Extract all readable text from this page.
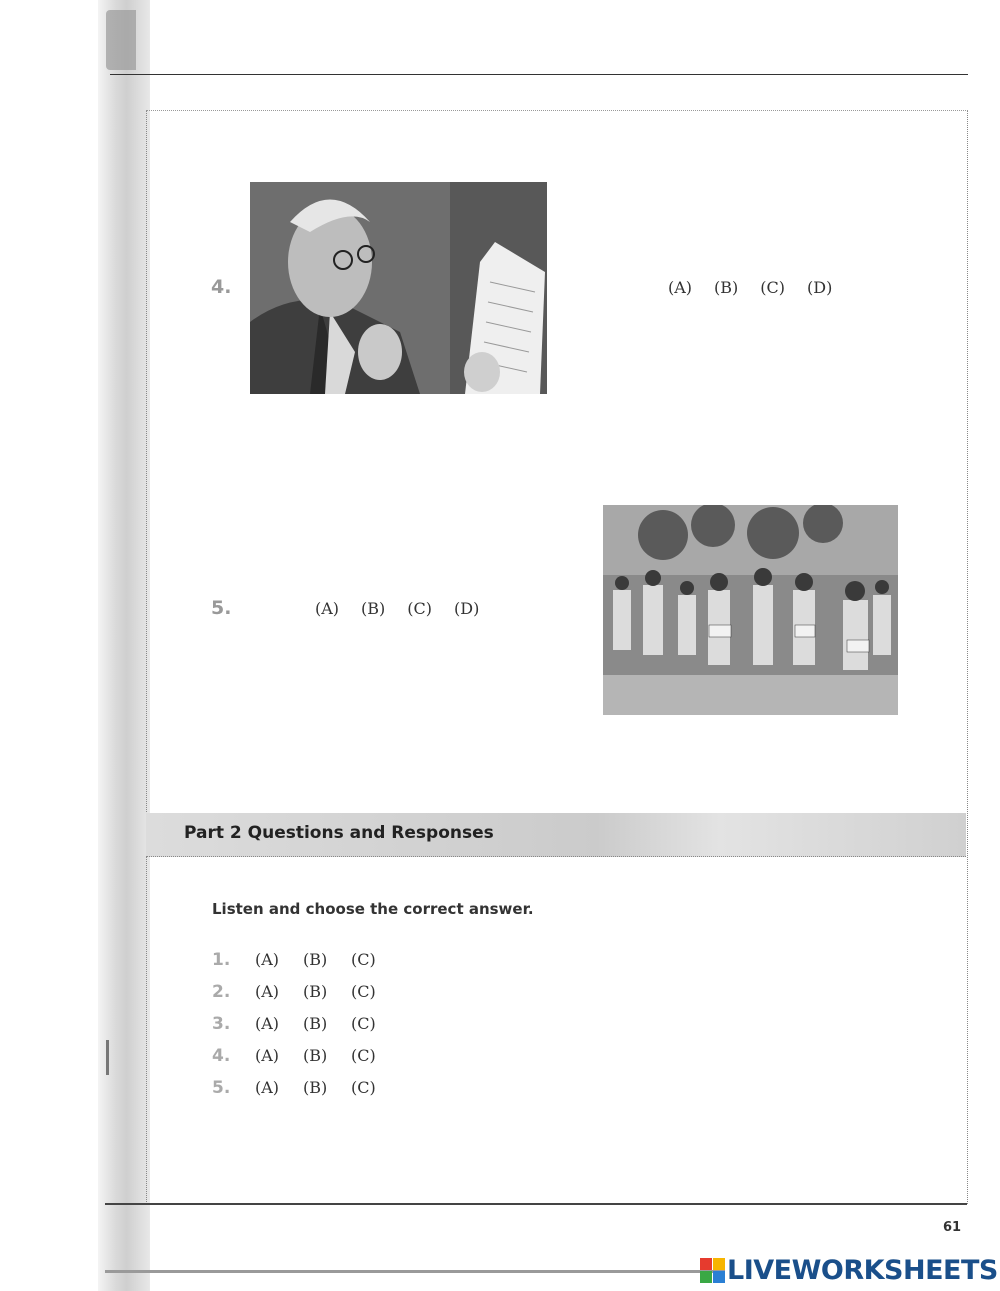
4.	(A) (B) (C) (D)
5.	(A) (B) (C) (D)
Part 2 Questions and Responses
Listen and choose the correct answer.
1.	(A) (B) (C)
2.	(A) (B) (C)
3.	(A) (B) (C)
4.	(A) (B) (C)
5.	(A) (B) (C)
61
LIVEWORKSHEETS
